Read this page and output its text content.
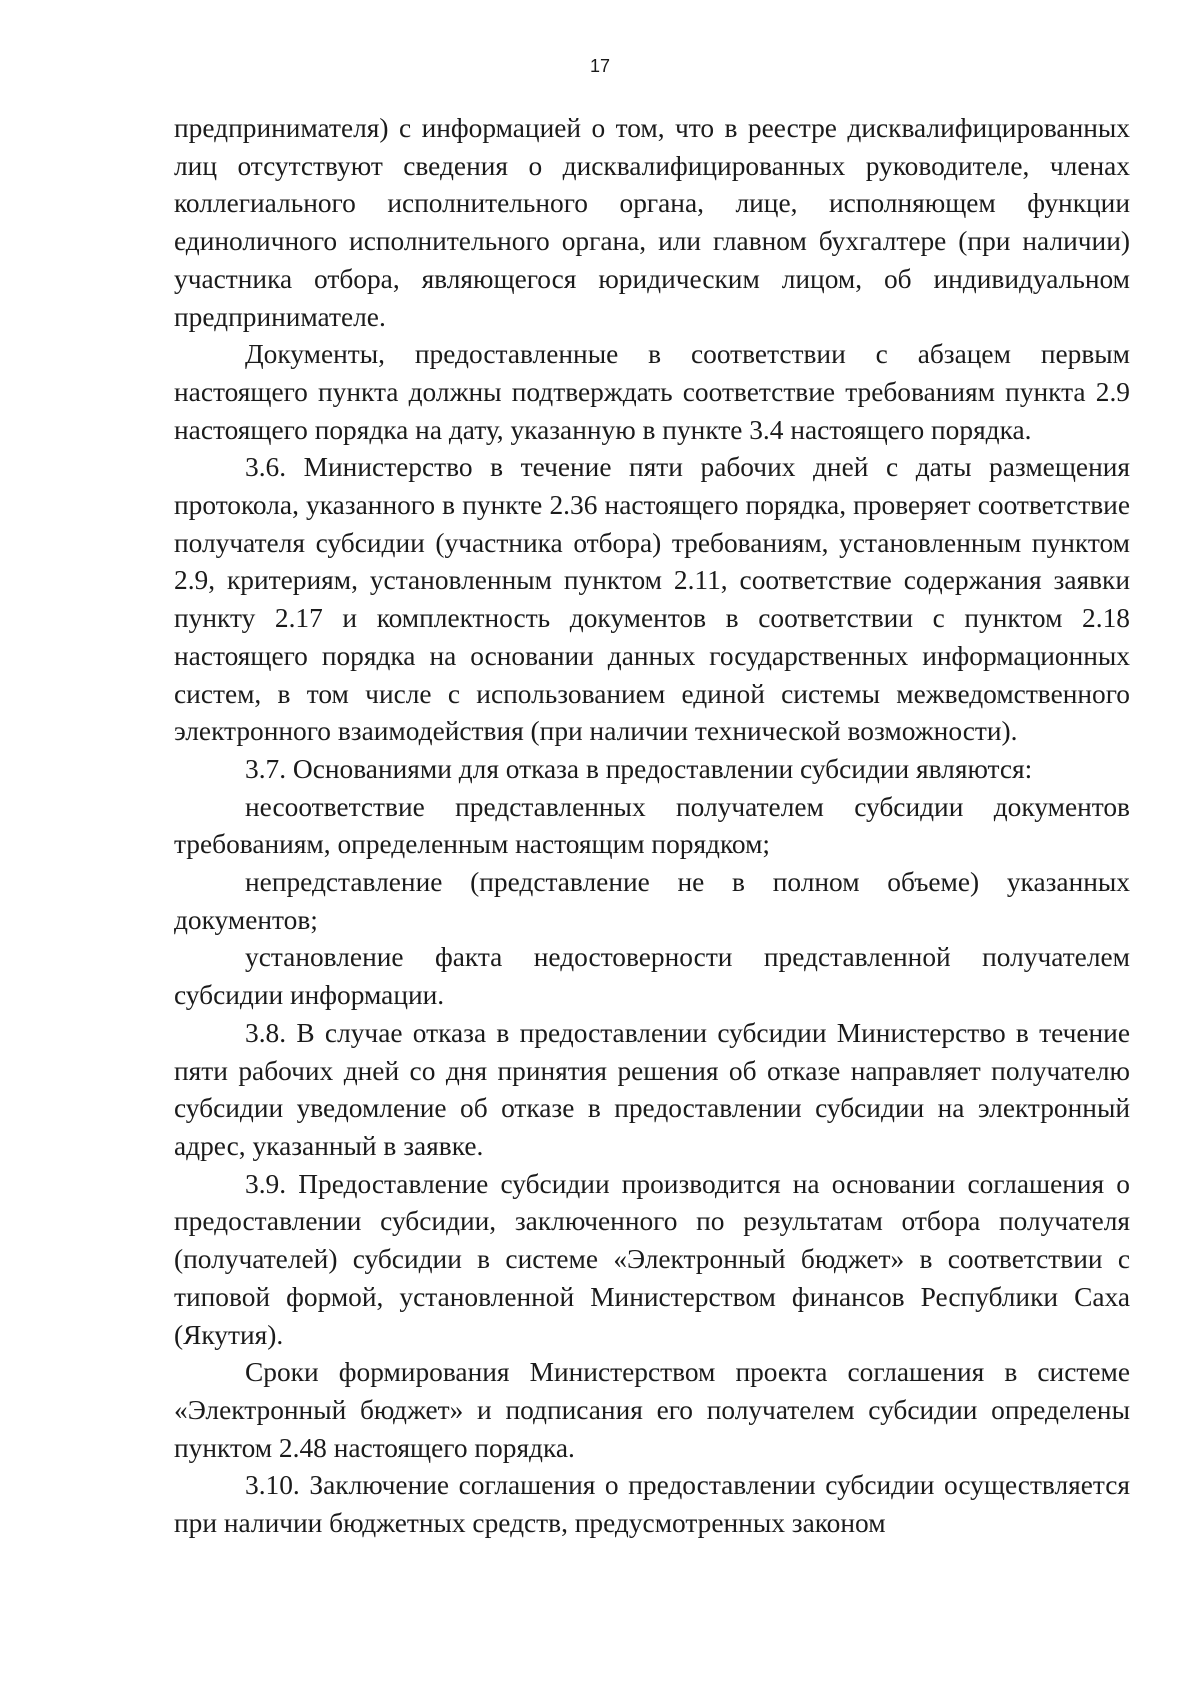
17

предпринимателя) с информацией о том, что в реестре дисквалифицированных лиц отсутствуют сведения о дисквалифицированных руководителе, членах коллегиального исполнительного органа, лице, исполняющем функции единоличного исполнительного органа, или главном бухгалтере (при наличии) участника отбора, являющегося юридическим лицом, об индивидуальном предпринимателе.

Документы, предоставленные в соответствии с абзацем первым настоящего пункта должны подтверждать соответствие требованиям пункта 2.9 настоящего порядка на дату, указанную в пункте 3.4 настоящего порядка.

3.6. Министерство в течение пяти рабочих дней с даты размещения протокола, указанного в пункте 2.36 настоящего порядка, проверяет соответствие получателя субсидии (участника отбора) требованиям, установленным пунктом 2.9, критериям, установленным пунктом 2.11, соответствие содержания заявки пункту 2.17 и комплектность документов в соответствии с пунктом 2.18 настоящего порядка на основании данных государственных информационных систем, в том числе с использованием единой системы межведомственного электронного взаимодействия (при наличии технической возможности).

3.7. Основаниями для отказа в предоставлении субсидии являются:

несоответствие представленных получателем субсидии документов требованиям, определенным настоящим порядком;

непредставление (представление не в полном объеме) указанных документов;

установление факта недостоверности представленной получателем субсидии информации.

3.8. В случае отказа в предоставлении субсидии Министерство в течение пяти рабочих дней со дня принятия решения об отказе направляет получателю субсидии уведомление об отказе в предоставлении субсидии на электронный адрес, указанный в заявке.

3.9. Предоставление субсидии производится на основании соглашения о предоставлении субсидии, заключенного по результатам отбора получателя (получателей) субсидии в системе «Электронный бюджет» в соответствии с типовой формой, установленной Министерством финансов Республики Саха (Якутия).

Сроки формирования Министерством проекта соглашения в системе «Электронный бюджет» и подписания его получателем субсидии определены пунктом 2.48 настоящего порядка.

3.10. Заключение соглашения о предоставлении субсидии осуществляется при наличии бюджетных средств, предусмотренных законом
